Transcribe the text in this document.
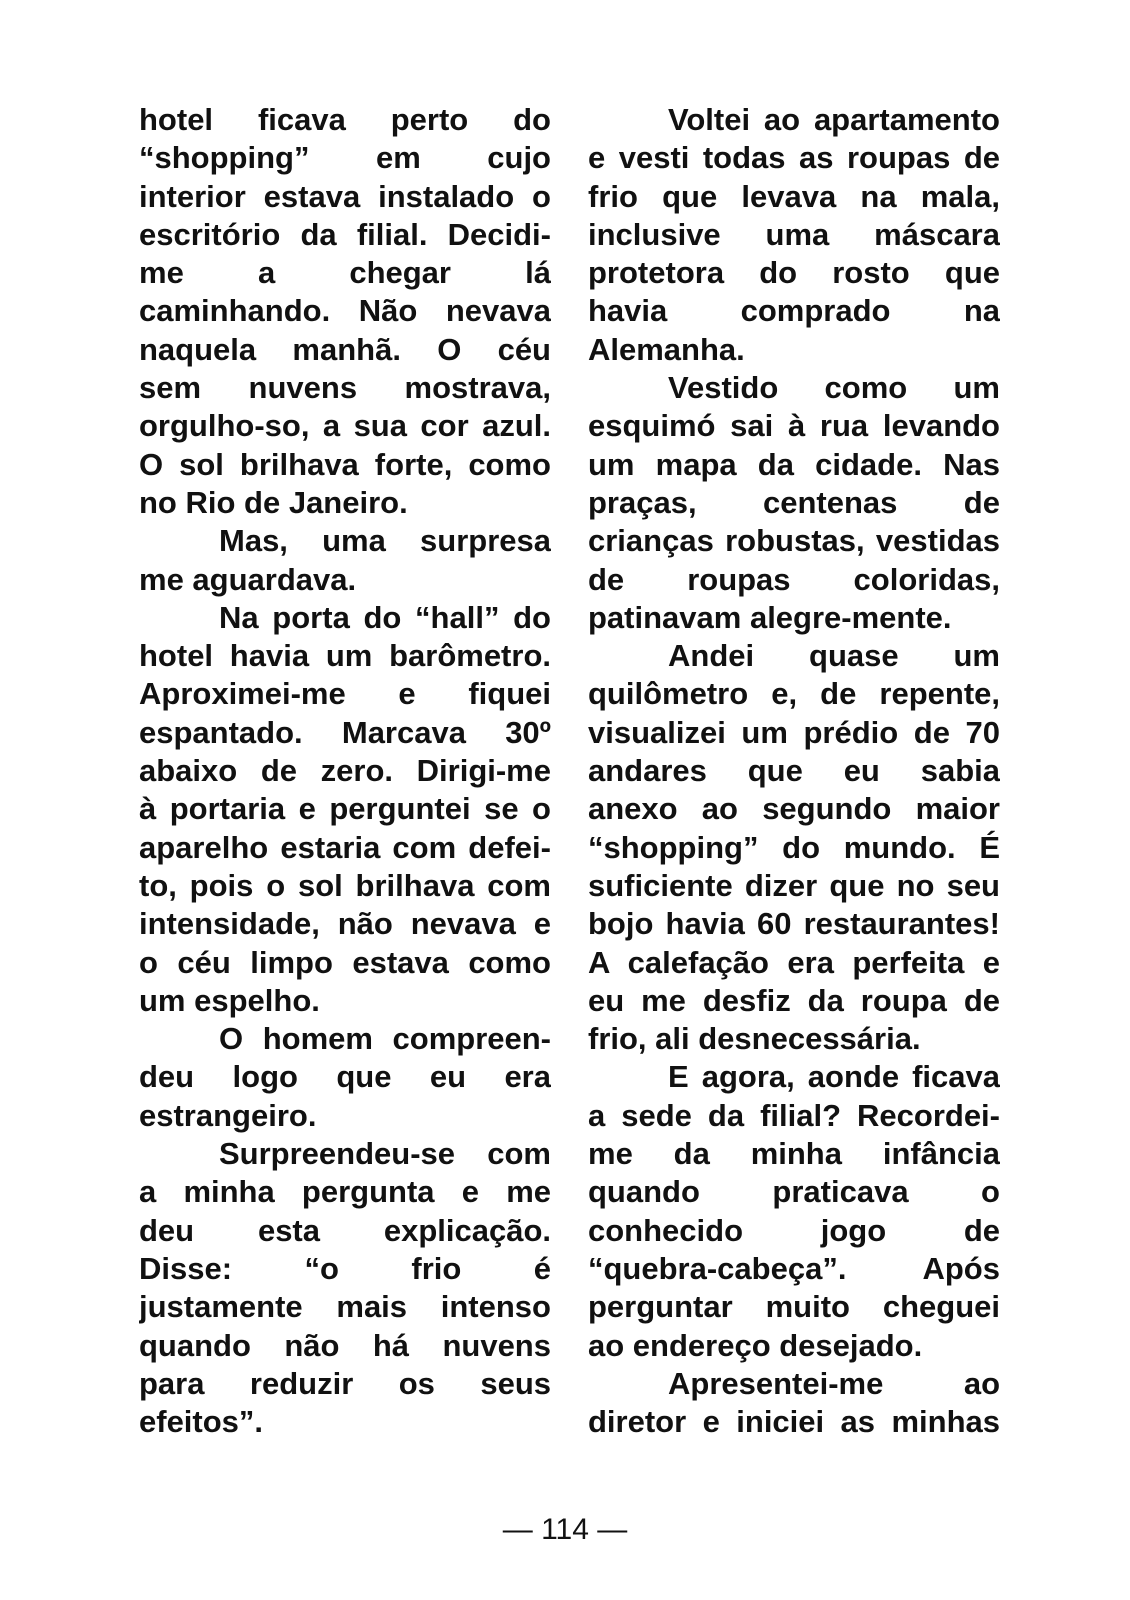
hotel ficava perto do
“shopping” em cujo
interior estava instalado o
escritório da filial. Decidi-
me a chegar lá
caminhando. Não nevava
naquela manhã. O céu
sem nuvens mostrava,
orgulho-so, a sua cor azul.
O sol brilhava forte, como
no Rio de Janeiro.
Mas, uma surpresa
me aguardava.
Na porta do “hall” do
hotel havia um barômetro.
Aproximei-me e fiquei
espantado. Marcava 30º
abaixo de zero. Dirigi-me
à portaria e perguntei se o
aparelho estaria com defei-
to, pois o sol brilhava com
intensidade, não nevava e
o céu limpo estava como
um espelho.
O homem compreen-
deu logo que eu era
estrangeiro.
Surpreendeu-se com
a minha pergunta e me
deu esta explicação.
Disse: “o frio é
justamente mais intenso
quando não há nuvens
para reduzir os seus
efeitos”.
Voltei ao apartamento
e vesti todas as roupas de
frio que levava na mala,
inclusive uma máscara
protetora do rosto que
havia comprado na
Alemanha.
Vestido como um
esquimó sai à rua levando
um mapa da cidade. Nas
praças, centenas de
crianças robustas, vestidas
de roupas coloridas,
patinavam alegre-mente.
Andei quase um
quilômetro e, de repente,
visualizei um prédio de 70
andares que eu sabia
anexo ao segundo maior
“shopping” do mundo. É
suficiente dizer que no seu
bojo havia 60 restaurantes!
A calefação era perfeita e
eu me desfiz da roupa de
frio, ali desnecessária.
E agora, aonde ficava
a sede da filial? Recordei-
me da minha infância
quando praticava o
conhecido jogo de
“quebra-cabeça”. Após
perguntar muito cheguei
ao endereço desejado.
Apresentei-me ao
diretor e iniciei as minhas
— 114 —
